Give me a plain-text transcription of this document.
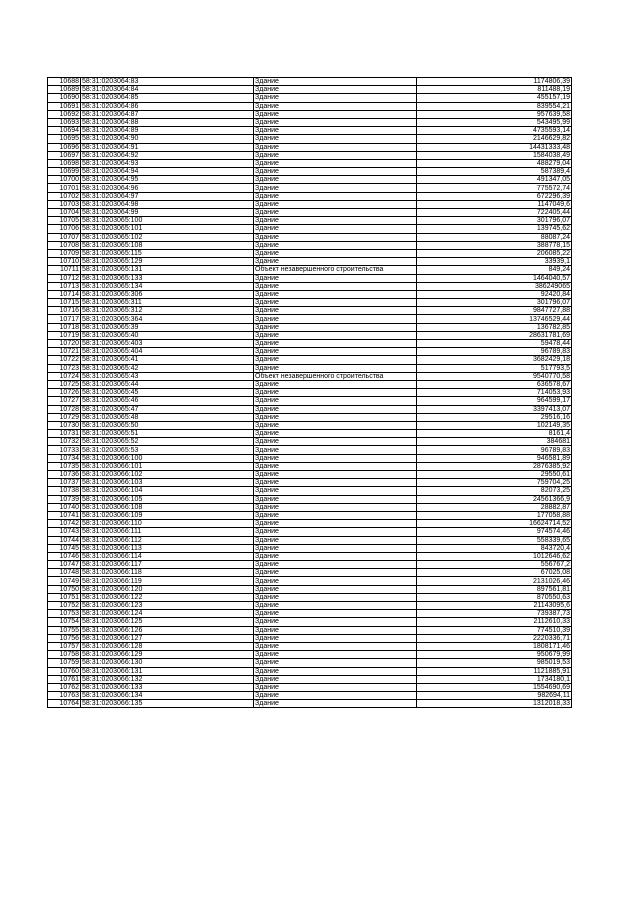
10688	58:31:0203064:83	Здание	1174806,39
10689	58:31:0203064:84	Здание	811488,19
10690	58:31:0203064:85	Здание	455157,19
10691	58:31:0203064:86	Здание	839554,21
10692	58:31:0203064:87	Здание	957639,58
10693	58:31:0203064:88	Здание	543495,99
10694	58:31:0203064:89	Здание	4735593,14
10695	58:31:0203064:90	Здание	2146629,82
10696	58:31:0203064:91	Здание	14431333,48
10697	58:31:0203064:92	Здание	1584038,49
10698	58:31:0203064:93	Здание	488279,04
10699	58:31:0203064:94	Здание	587389,4
10700	58:31:0203064:95	Здание	491347,05
10701	58:31:0203064:96	Здание	775572,74
10702	58:31:0203064:97	Здание	672296,39
10703	58:31:0203064:98	Здание	1147049,6
10704	58:31:0203064:99	Здание	722405,44
10705	58:31:0203065:100	Здание	301796,07
10706	58:31:0203065:101	Здание	139745,62
10707	58:31:0203065:102	Здание	88087,24
10708	58:31:0203065:108	Здание	388778,15
10709	58:31:0203065:115	Здание	206085,22
10710	58:31:0203065:129	Здание	33939,1
10711	58:31:0203065:131	Объект незавершенного строительства	849,24
10712	58:31:0203065:133	Здание	1464040,57
10713	58:31:0203065:134	Здание	386249065
10714	58:31:0203065:306	Здание	92420,84
10715	58:31:0203065:311	Здание	301796,07
10716	58:31:0203065:312	Здание	9847727,88
10717	58:31:0203065:364	Здание	13746529,44
10718	58:31:0203065:39	Здание	136782,85
10719	58:31:0203065:40	Здание	28631781,69
10720	58:31:0203065:403	Здание	59478,44
10721	58:31:0203065:404	Здание	96789,83
10722	58:31:0203065:41	Здание	3682429,18
10723	58:31:0203065:42	Здание	517793,5
10724	58:31:0203065:43	Объект незавершенного строительства	9540770,58
10725	58:31:0203065:44	Здание	636578,67
10726	58:31:0203065:45	Здание	714053,93
10727	58:31:0203065:46	Здание	964599,17
10728	58:31:0203065:47	Здание	3397413,07
10729	58:31:0203065:48	Здание	29516,16
10730	58:31:0203065:50	Здание	102149,35
10731	58:31:0203065:51	Здание	8161,4
10732	58:31:0203065:52	Здание	384681
10733	58:31:0203065:53	Здание	96789,83
10734	58:31:0203066:100	Здание	946581,89
10735	58:31:0203066:101	Здание	2876385,92
10736	58:31:0203066:102	Здание	29550,61
10737	58:31:0203066:103	Здание	759704,25
10738	58:31:0203066:104	Здание	82073,25
10739	58:31:0203066:105	Здание	24561366,9
10740	58:31:0203066:108	Здание	28882,87
10741	58:31:0203066:109	Здание	177058,88
10742	58:31:0203066:110	Здание	16624714,52
10743	58:31:0203066:111	Здание	974574,46
10744	58:31:0203066:112	Здание	558339,65
10745	58:31:0203066:113	Здание	843720,4
10746	58:31:0203066:114	Здание	1012646,62
10747	58:31:0203066:117	Здание	556767,2
10748	58:31:0203066:118	Здание	67025,08
10749	58:31:0203066:119	Здание	2131026,46
10750	58:31:0203066:120	Здание	897561,81
10751	58:31:0203066:122	Здание	870550,63
10752	58:31:0203066:123	Здание	21143095,6
10753	58:31:0203066:124	Здание	739387,73
10754	58:31:0203066:125	Здание	2112610,33
10755	58:31:0203066:126	Здание	774510,39
10756	58:31:0203066:127	Здание	2220336,71
10757	58:31:0203066:128	Здание	1808171,46
10758	58:31:0203066:129	Здание	950679,99
10759	58:31:0203066:130	Здание	985019,53
10760	58:31:0203066:131	Здание	1121885,91
10761	58:31:0203066:132	Здание	1734180,1
10762	58:31:0203066:133	Здание	1554690,69
10763	58:31:0203066:134	Здание	982694,11
10764	58:31:0203066:135	Здание	1312018,33
